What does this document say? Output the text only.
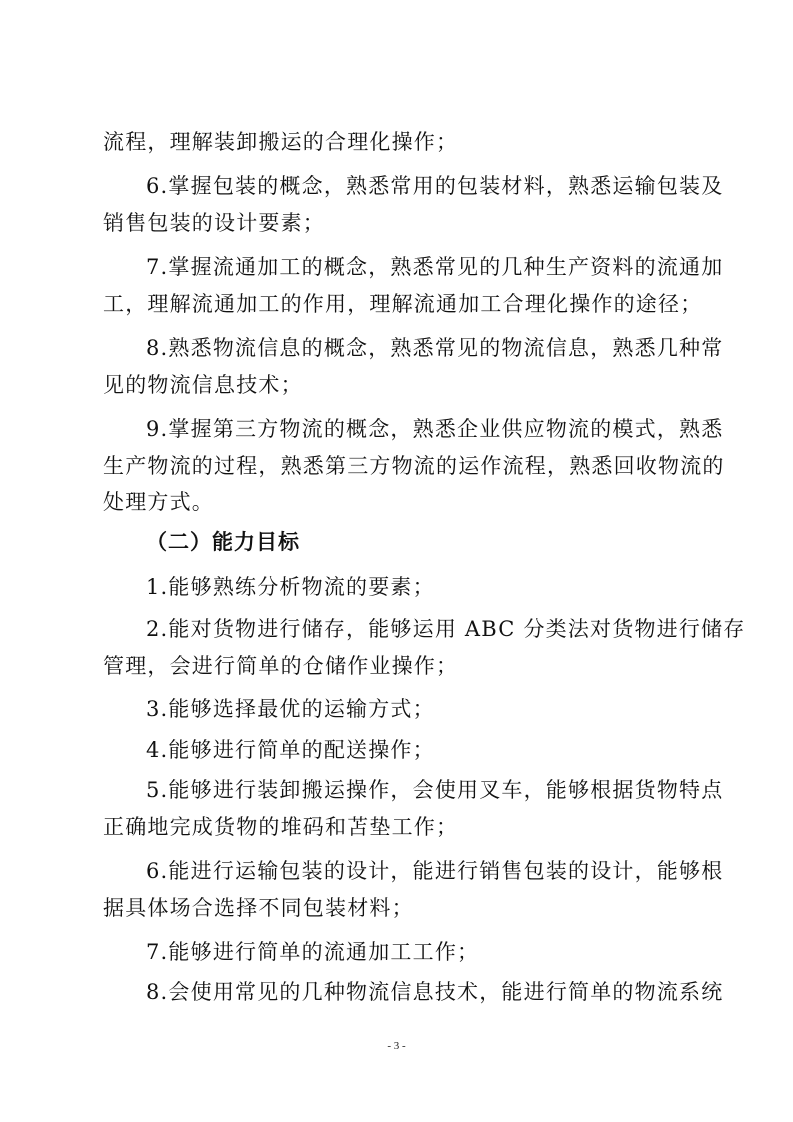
流程，理解装卸搬运的合理化操作；
6.掌握包装的概念，熟悉常用的包装材料，熟悉运输包装及
销售包装的设计要素；
7.掌握流通加工的概念，熟悉常见的几种生产资料的流通加
工，理解流通加工的作用，理解流通加工合理化操作的途径；
8.熟悉物流信息的概念，熟悉常见的物流信息，熟悉几种常
见的物流信息技术；
9.掌握第三方物流的概念，熟悉企业供应物流的模式，熟悉
生产物流的过程，熟悉第三方物流的运作流程，熟悉回收物流的
处理方式。
（二）能力目标
1.能够熟练分析物流的要素；
2.能对货物进行储存，能够运用 ABC 分类法对货物进行储存
管理，会进行简单的仓储作业操作；
3.能够选择最优的运输方式；
4.能够进行简单的配送操作；
5.能够进行装卸搬运操作，会使用叉车，能够根据货物特点
正确地完成货物的堆码和苫垫工作；
6.能进行运输包装的设计，能进行销售包装的设计，能够根
据具体场合选择不同包装材料；
7.能够进行简单的流通加工工作；
8.会使用常见的几种物流信息技术，能进行简单的物流系统
- 3 -
